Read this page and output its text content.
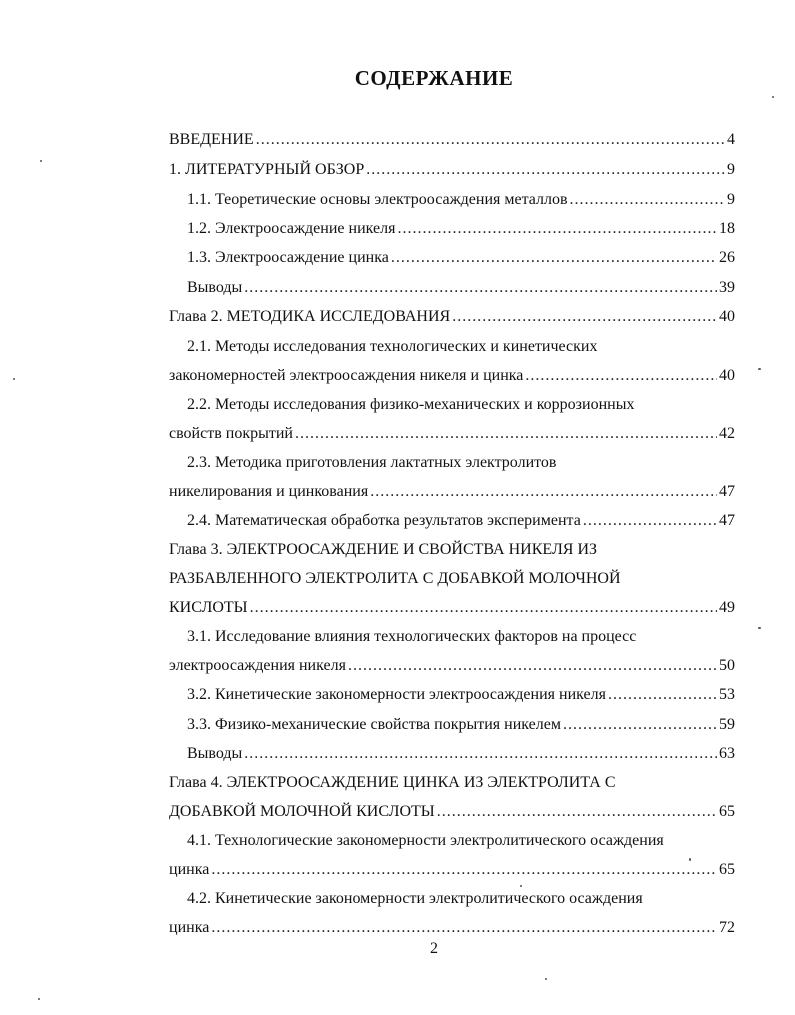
СОДЕРЖАНИЕ
ВВЕДЕНИЕ .....	4
1. ЛИТЕРАТУРНЫЙ ОБЗОР .....	9
1.1. Теоретические основы электроосаждения металлов .....	9
1.2. Электроосаждение никеля .....	18
1.3. Электроосаждение цинка .....	26
Выводы .....	39
Глава 2. МЕТОДИКА ИССЛЕДОВАНИЯ .....	40
2.1. Методы исследования технологических и кинетических
закономерностей электроосаждения никеля и цинка .....	40
2.2. Методы исследования физико-механических и коррозионных
свойств покрытий .....	42
2.3. Методика приготовления лактатных электролитов
никелирования и цинкования .....	47
2.4. Математическая обработка результатов эксперимента .....	47
Глава 3. ЭЛЕКТРООСАЖДЕНИЕ И СВОЙСТВА НИКЕЛЯ ИЗ
РАЗБАВЛЕННОГО ЭЛЕКТРОЛИТА С ДОБАВКОЙ МОЛОЧНОЙ
КИСЛОТЫ .....	49
3.1. Исследование влияния технологических факторов на процесс
электроосаждения никеля .....	50
3.2. Кинетические закономерности электроосаждения никеля .....	53
3.3. Физико-механические свойства покрытия никелем .....	59
Выводы .....	63
Глава 4. ЭЛЕКТРООСАЖДЕНИЕ ЦИНКА ИЗ ЭЛЕКТРОЛИТА С
ДОБАВКОЙ МОЛОЧНОЙ КИСЛОТЫ .....	65
4.1. Технологические закономерности электролитического осаждения
цинка .....	65
4.2. Кинетические закономерности электролитического осаждения
цинка .....	72
2
